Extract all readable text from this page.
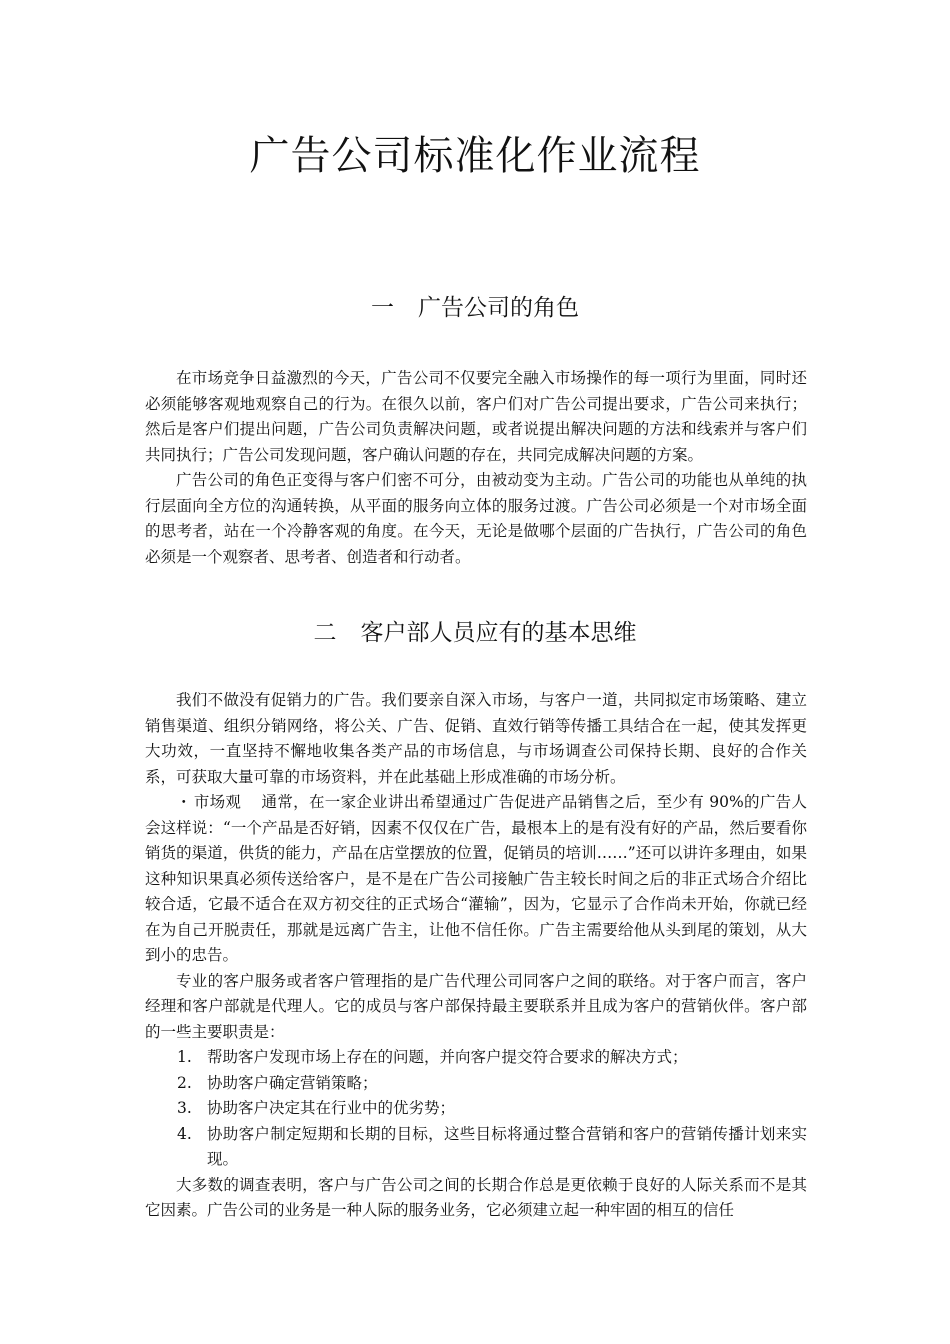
广告公司标准化作业流程
一 广告公司的角色

在市场竞争日益激烈的今天，广告公司不仅要完全融入市场操作的每一项行为里面，同时还必须能够客观地观察自己的行为。在很久以前，客户们对广告公司提出要求，广告公司来执行；然后是客户们提出问题，广告公司负责解决问题，或者说提出解决问题的方法和线索并与客户们共同执行；广告公司发现问题，客户确认问题的存在，共同完成解决问题的方案。

广告公司的角色正变得与客户们密不可分，由被动变为主动。广告公司的功能也从单纯的执行层面向全方位的沟通转换，从平面的服务向立体的服务过渡。广告公司必须是一个对市场全面的思考者，站在一个冷静客观的角度。在今天，无论是做哪个层面的广告执行，广告公司的角色必须是一个观察者、思考者、创造者和行动者。

二 客户部人员应有的基本思维

我们不做没有促销力的广告。我们要亲自深入市场，与客户一道，共同拟定市场策略、建立销售渠道、组织分销网络，将公关、广告、促销、直效行销等传播工具结合在一起，使其发挥更大功效，一直坚持不懈地收集各类产品的市场信息，与市场调查公司保持长期、良好的合作关系，可获取大量可靠的市场资料，并在此基础上形成准确的市场分析。

・ 市场观 通常，在一家企业讲出希望通过广告促进产品销售之后，至少有 90%的广告人会这样说：“一个产品是否好销，因素不仅仅在广告，最根本上的是有没有好的产品，然后要看你销货的渠道，供货的能力，产品在店堂摆放的位置，促销员的培训……”还可以讲许多理由，如果这种知识果真必须传送给客户，是不是在广告公司接触广告主较长时间之后的非正式场合介绍比较合适，它最不适合在双方初交往的正式场合“灌输”，因为，它显示了合作尚未开始，你就已经在为自己开脱责任，那就是远离广告主，让他不信任你。广告主需要给他从头到尾的策划，从大到小的忠告。

专业的客户服务或者客户管理指的是广告代理公司同客户之间的联络。对于客户而言，客户经理和客户部就是代理人。它的成员与客户部保持最主要联系并且成为客户的营销伙伴。客户部的一些主要职责是：

1. 帮助客户发现市场上存在的问题，并向客户提交符合要求的解决方式；
2. 协助客户确定营销策略；
3. 协助客户决定其在行业中的优劣势；
4. 协助客户制定短期和长期的目标，这些目标将通过整合营销和客户的营销传播计划来实现。

大多数的调查表明，客户与广告公司之间的长期合作总是更依赖于良好的人际关系而不是其它因素。广告公司的业务是一种人际的服务业务，它必须建立起一种牢固的相互的信任
